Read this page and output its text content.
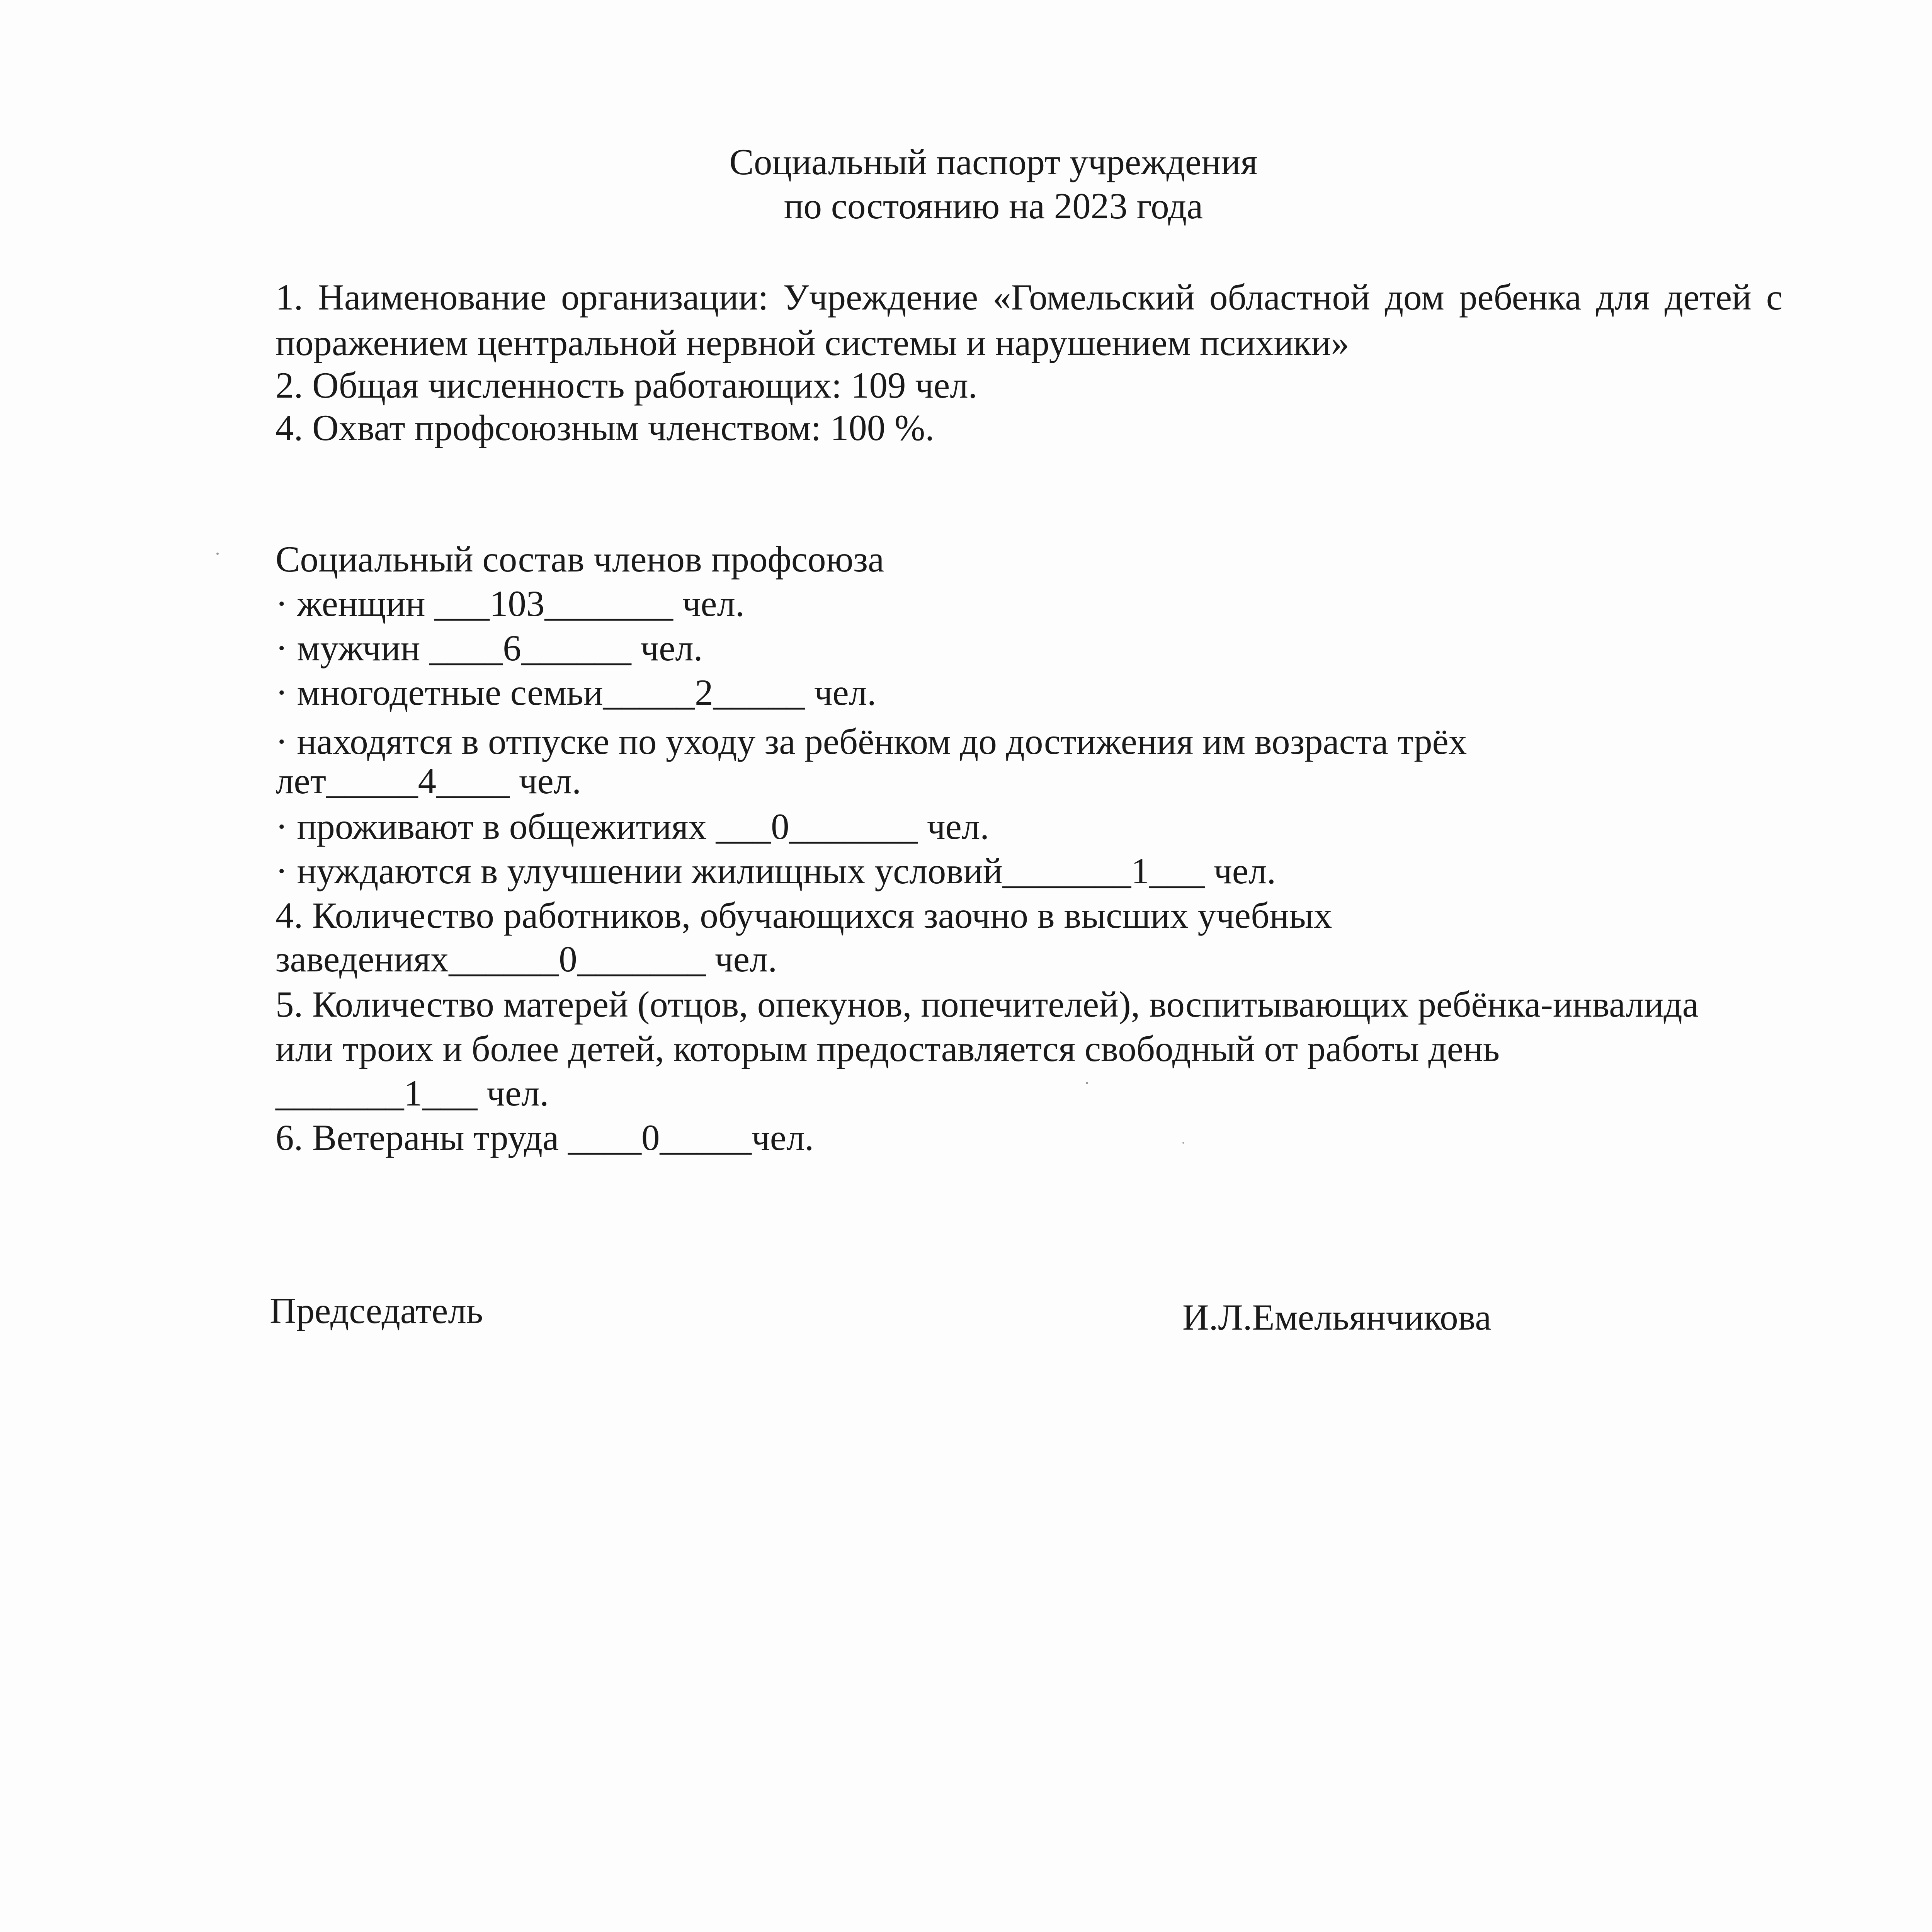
Социальный паспорт учреждения
по состоянию на 2023 года
1. Наименование организации: Учреждение «Гомельский областной дом ребенка для детей с поражением центральной нервной системы и нарушением психики»
2. Общая численность работающих: 109 чел.
4. Охват профсоюзным членством: 100 %.
Социальный состав членов профсоюза
· женщин ___103_______ чел.
· мужчин ____6______ чел.
· многодетные семьи_____2_____ чел.
· находятся в отпуске по уходу за ребёнком до достижения им возраста трёх
лет_____4____ чел.
· проживают в общежитиях ___0_______ чел.
· нуждаются в улучшении жилищных условий_______1___ чел.
4. Количество работников, обучающихся заочно в высших учебных
заведениях______0_______ чел.
5. Количество матерей (отцов, опекунов, попечителей), воспитывающих ребёнка-инвалида
или троих и более детей, которым предоставляется свободный от работы день
_______1___ чел.
6. Ветераны труда ____0_____чел.
Председатель	И.Л.Емельянчикова
